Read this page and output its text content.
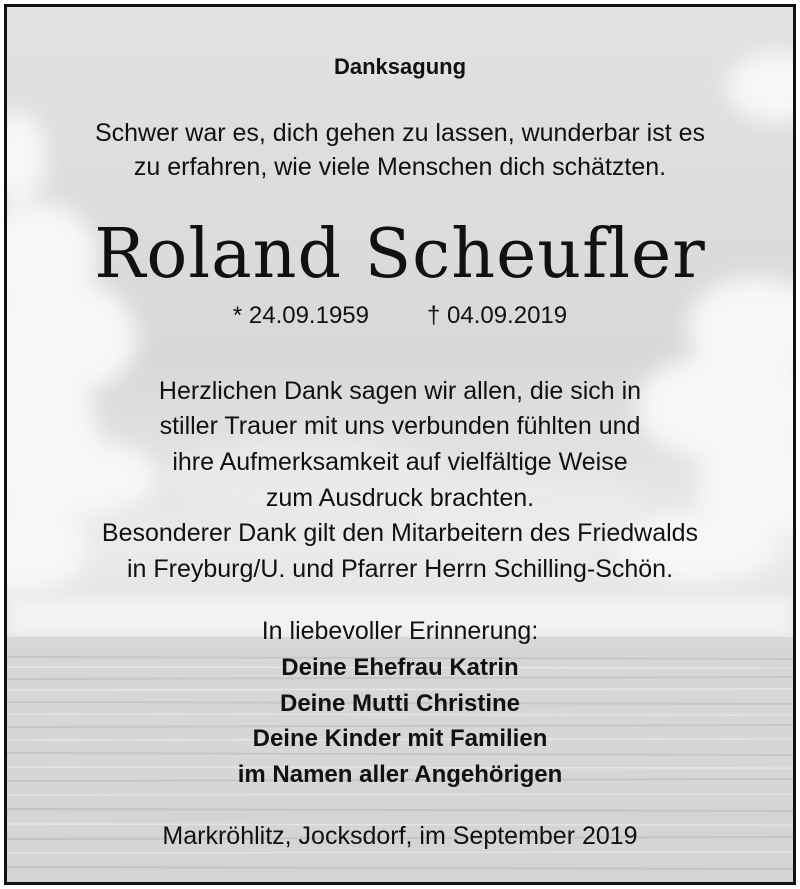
Danksagung
Schwer war es, dich gehen zu lassen, wunderbar ist es
zu erfahren, wie viele Menschen dich schätzten.
Roland Scheufler
* 24.09.1959 † 04.09.2019
Herzlichen Dank sagen wir allen, die sich in
stiller Trauer mit uns verbunden fühlten und
ihre Aufmerksamkeit auf vielfältige Weise
zum Ausdruck brachten.
Besonderer Dank gilt den Mitarbeitern des Friedwalds
in Freyburg/U. und Pfarrer Herrn Schilling-Schön.
In liebevoller Erinnerung:
Deine Ehefrau Katrin
Deine Mutti Christine
Deine Kinder mit Familien
im Namen aller Angehörigen
Markröhlitz, Jocksdorf, im September 2019
